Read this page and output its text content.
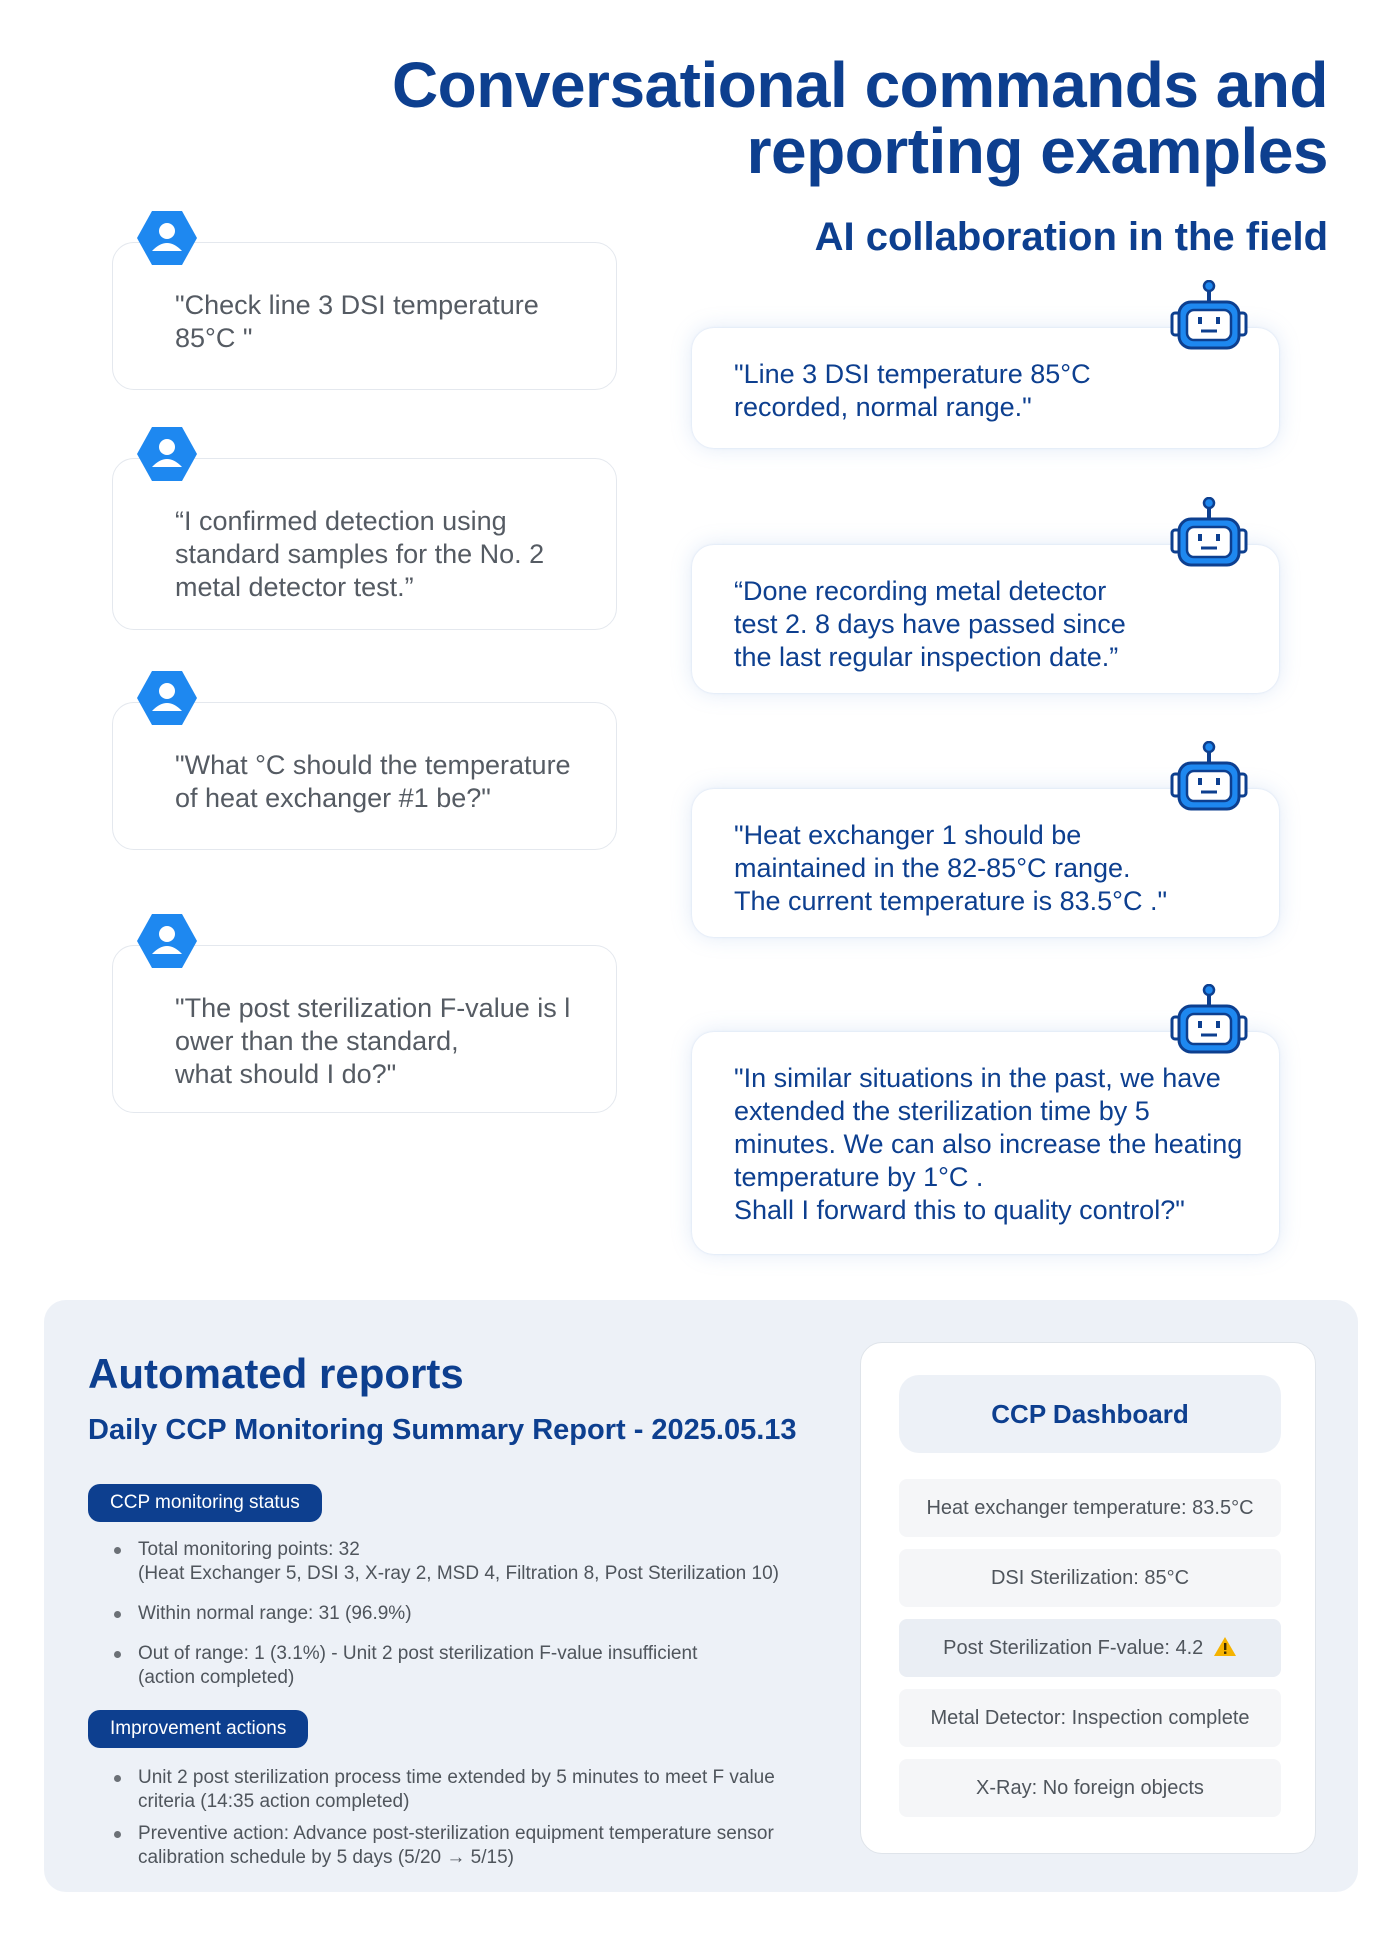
Conversational commands and
reporting examples
AI collaboration in the field
"Check line 3 DSI temperature
85°C "
"Line 3 DSI temperature 85°C
recorded, normal range."
“I confirmed detection using
standard samples for the No. 2
metal detector test.”	“Done recording metal detector
test 2. 8 days have passed since
the last regular inspection date.”
"What °C should the temperature
of heat exchanger #1 be?"
"Heat exchanger 1 should be
maintained in the 82-85°C range.
The current temperature is 83.5°C ."
"The post sterilization F-value is l
ower than the standard,
what should I do?"	"In similar situations in the past, we have
extended the sterilization time by 5
minutes. We can also increase the heating
temperature by 1°C .
Shall I forward this to quality control?"
Automated reports
Daily CCP Monitoring Summary Report - 2025.05.13
CCP monitoring status
Total monitoring points: 32
(Heat Exchanger 5, DSI 3, X-ray 2, MSD 4, Filtration 8, Post Sterilization 10)
Within normal range: 31 (96.9%)
Out of range: 1 (3.1%) - Unit 2 post sterilization F-value insufficient
(action completed)
Improvement actions
Unit 2 post sterilization process time extended by 5 minutes to meet F value
criteria (14:35 action completed)
Preventive action: Advance post-sterilization equipment temperature sensor
calibration schedule by 5 days (5/20 → 5/15)
CCP Dashboard
Heat exchanger temperature: 83.5°C
DSI Sterilization: 85°C
Post Sterilization F-value: 4.2
Metal Detector: Inspection complete
X-Ray: No foreign objects
